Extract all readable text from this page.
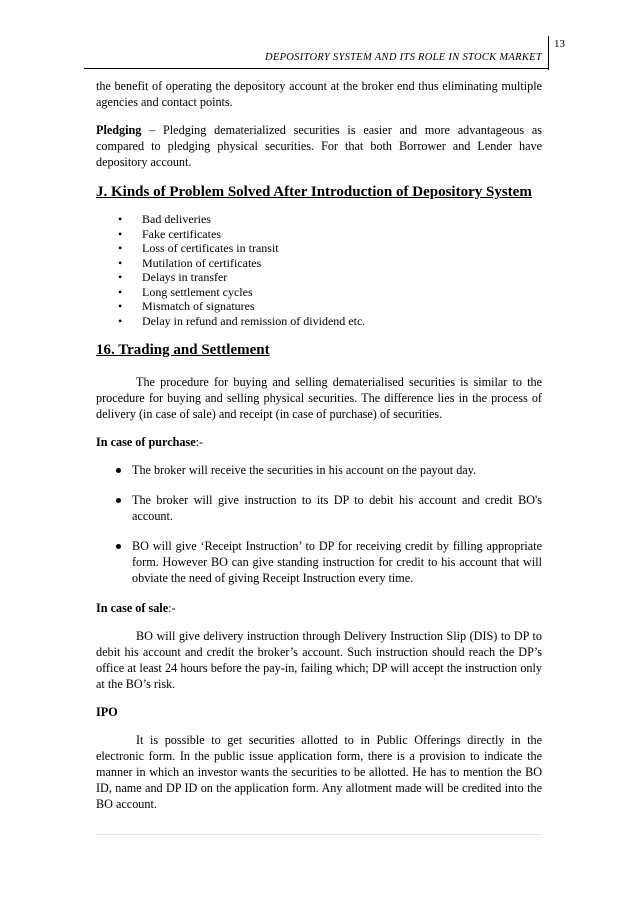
13
DEPOSITORY SYSTEM AND ITS ROLE IN STOCK MARKET

the benefit of operating the depository account at the broker end thus eliminating multiple agencies and contact points.

Pledging – Pledging dematerialized securities is easier and more advantageous as compared to pledging physical securities. For that both Borrower and Lender have depository account.

J. Kinds of Problem Solved After Introduction of Depository System
• Bad deliveries
• Fake certificates
• Loss of certificates in transit
• Mutilation of certificates
• Delays in transfer
• Long settlement cycles
• Mismatch of signatures
• Delay in refund and remission of dividend etc.
16. Trading and Settlement

The procedure for buying and selling dematerialised securities is similar to the procedure for buying and selling physical securities. The difference lies in the process of delivery (in case of sale) and receipt (in case of purchase) of securities.

In case of purchase:-
The broker will receive the securities in his account on the payout day.
The broker will give instruction to its DP to debit his account and credit BO's account.
BO will give ‘Receipt Instruction’ to DP for receiving credit by filling appropriate form. However BO can give standing instruction for credit to his account that will obviate the need of giving Receipt Instruction every time.
In case of sale:-

BO will give delivery instruction through Delivery Instruction Slip (DIS) to DP to debit his account and credit the broker’s account. Such instruction should reach the DP’s office at least 24 hours before the pay-in, failing which; DP will accept the instruction only at the BO’s risk.

IPO

It is possible to get securities allotted to in Public Offerings directly in the electronic form. In the public issue application form, there is a provision to indicate the manner in which an investor wants the securities to be allotted. He has to mention the BO ID, name and DP ID on the application form. Any allotment made will be credited into the BO account.
